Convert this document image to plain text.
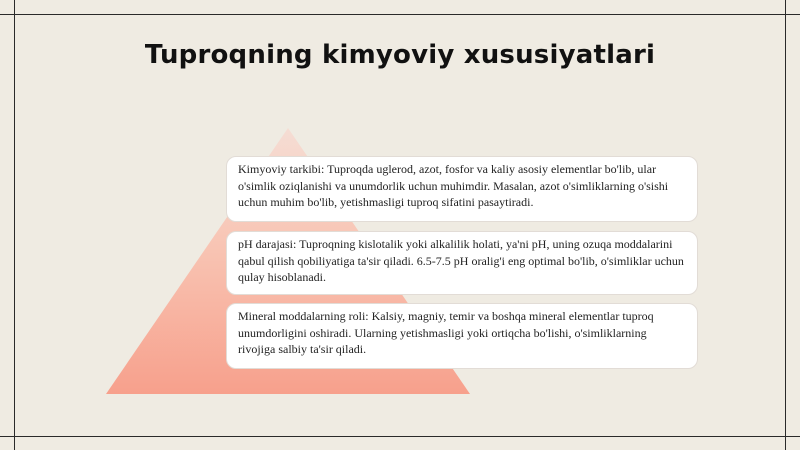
Tuproqning kimyoviy xususiyatlari
Kimyoviy tarkibi: Tuproqda uglerod, azot, fosfor va kaliy asosiy elementlar bo'lib, ular o'simlik oziqlanishi va unumdorlik uchun muhimdir. Masalan, azot o'simliklarning o'sishi uchun muhim bo'lib, yetishmasligi tuproq sifatini pasaytiradi.
pH darajasi: Tuproqning kislotalik yoki alkalilik holati, ya'ni pH, uning ozuqa moddalarini qabul qilish qobiliyatiga ta'sir qiladi. 6.5-7.5 pH oralig'i eng optimal bo'lib, o'simliklar uchun qulay hisoblanadi.
Mineral moddalarning roli: Kalsiy, magniy, temir va boshqa mineral elementlar tuproq unumdorligini oshiradi. Ularning yetishmasligi yoki ortiqcha bo'lishi, o'simliklarning rivojiga salbiy ta'sir qiladi.
